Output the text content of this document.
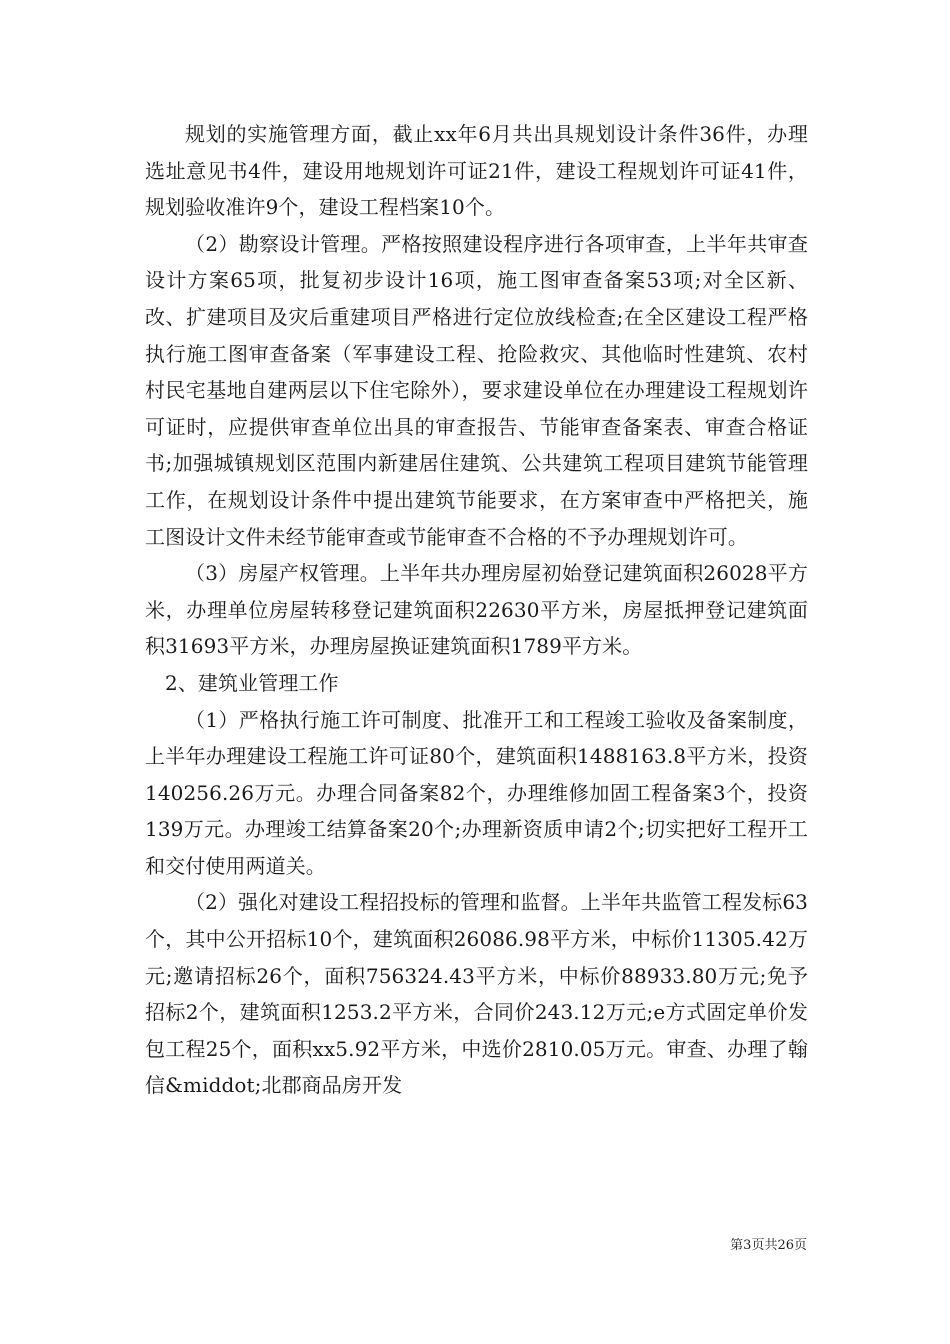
规划的实施管理方面，截止xx年6月共出具规划设计条件36件，办理选址意见书4件，建设用地规划许可证21件，建设工程规划许可证41件，规划验收准许9个，建设工程档案10个。

（2）勘察设计管理。严格按照建设程序进行各项审查，上半年共审查设计方案65项，批复初步设计16项，施工图审查备案53项;对全区新、改、扩建项目及灾后重建项目严格进行定位放线检查;在全区建设工程严格执行施工图审查备案（军事建设工程、抢险救灾、其他临时性建筑、农村村民宅基地自建两层以下住宅除外），要求建设单位在办理建设工程规划许可证时，应提供审查单位出具的审查报告、节能审查备案表、审查合格证书;加强城镇规划区范围内新建居住建筑、公共建筑工程项目建筑节能管理工作，在规划设计条件中提出建筑节能要求，在方案审查中严格把关，施工图设计文件未经节能审查或节能审查不合格的不予办理规划许可。

（3）房屋产权管理。上半年共办理房屋初始登记建筑面积26028平方米，办理单位房屋转移登记建筑面积22630平方米，房屋抵押登记建筑面积31693平方米，办理房屋换证建筑面积1789平方米。

2、建筑业管理工作

（1）严格执行施工许可制度、批准开工和工程竣工验收及备案制度，上半年办理建设工程施工许可证80个，建筑面积1488163.8平方米，投资140256.26万元。办理合同备案82个，办理维修加固工程备案3个，投资139万元。办理竣工结算备案20个;办理新资质申请2个;切实把好工程开工和交付使用两道关。

（2）强化对建设工程招投标的管理和监督。上半年共监管工程发标63个，其中公开招标10个，建筑面积26086.98平方米，中标价11305.42万元;邀请招标26个，面积756324.43平方米，中标价88933.80万元;免予招标2个，建筑面积1253.2平方米，合同价243.12万元;e方式固定单价发包工程25个，面积xx5.92平方米，中选价2810.05万元。审查、办理了翰信&middot;北郡商品房开发

第3页共26页
